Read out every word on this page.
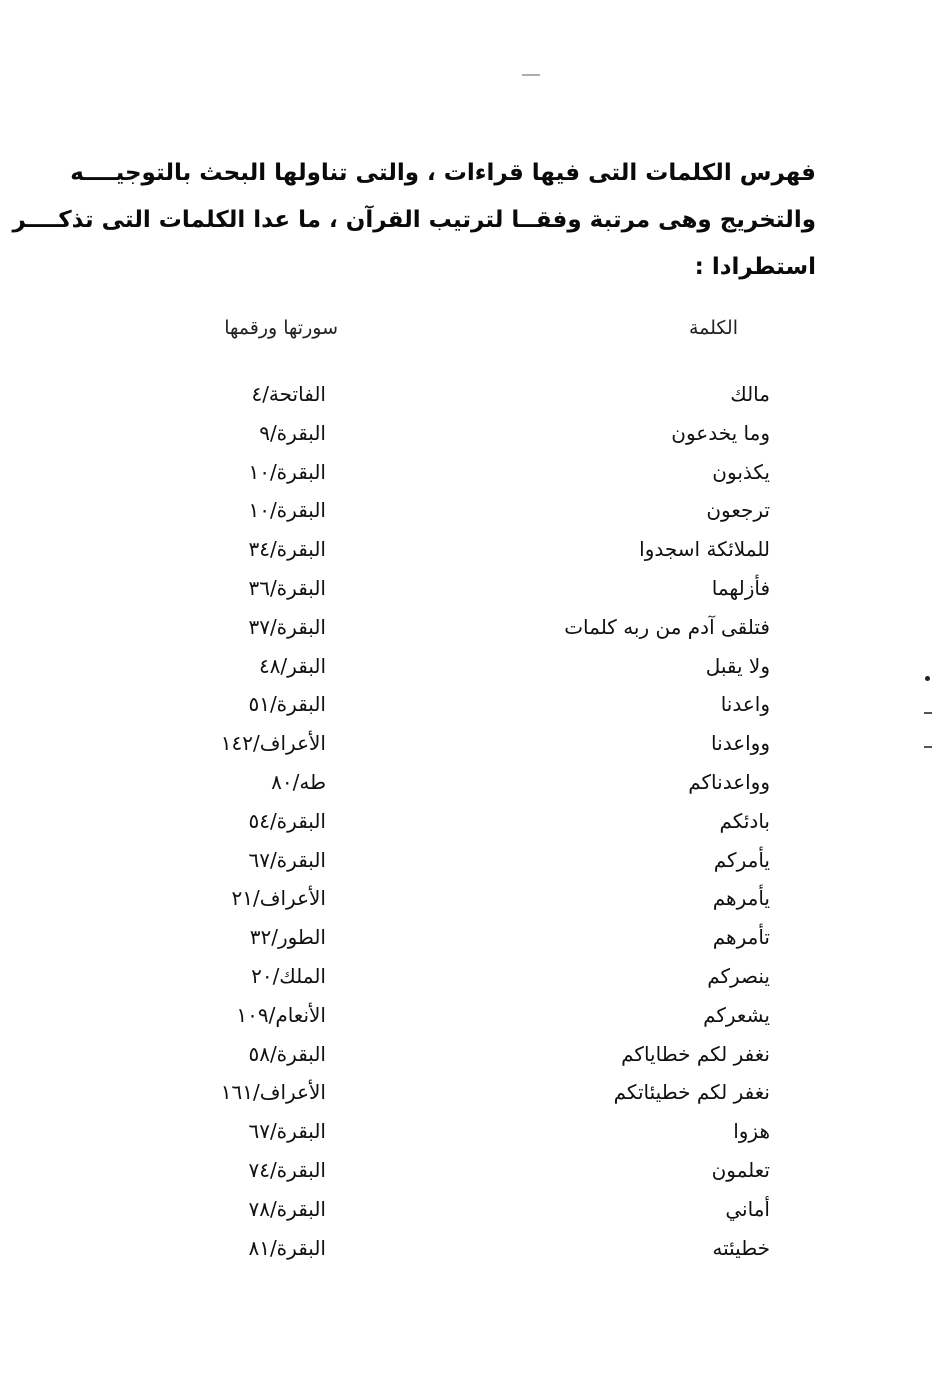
فهرس الكلمات التى فيها قراءات ، والتى تناولها البحث بالتوجيــــه
والتخريج وهى مرتبة وفقــا لترتيب القرآن ، ما عدا الكلمات التى تذكــــر
استطرادا :
الكلمة
سورتها ورقمها
مالك
الفاتحة/٤
وما يخدعون
البقرة/٩
يكذبون
البقرة/١٠
ترجعون
البقرة/١٠
للملائكة اسجدوا
البقرة/٣٤
فأزلهما
البقرة/٣٦
فتلقى آدم من ربه كلمات
البقرة/٣٧
ولا يقبل
البقر/٤٨
واعدنا
البقرة/٥١
وواعدنا
الأعراف/١٤٢
وواعدناكم
طه/٨٠
بادئكم
البقرة/٥٤
يأمركم
البقرة/٦٧
يأمرهم
الأعراف/٢١
تأمرهم
الطور/٣٢
ينصركم
الملك/٢٠
يشعركم
الأنعام/١٠٩
نغفر لكم خطاياكم
البقرة/٥٨
نغفر لكم خطيئاتكم
الأعراف/١٦١
هزوا
البقرة/٦٧
تعلمون
البقرة/٧٤
أماني
البقرة/٧٨
خطيئته
البقرة/٨١
